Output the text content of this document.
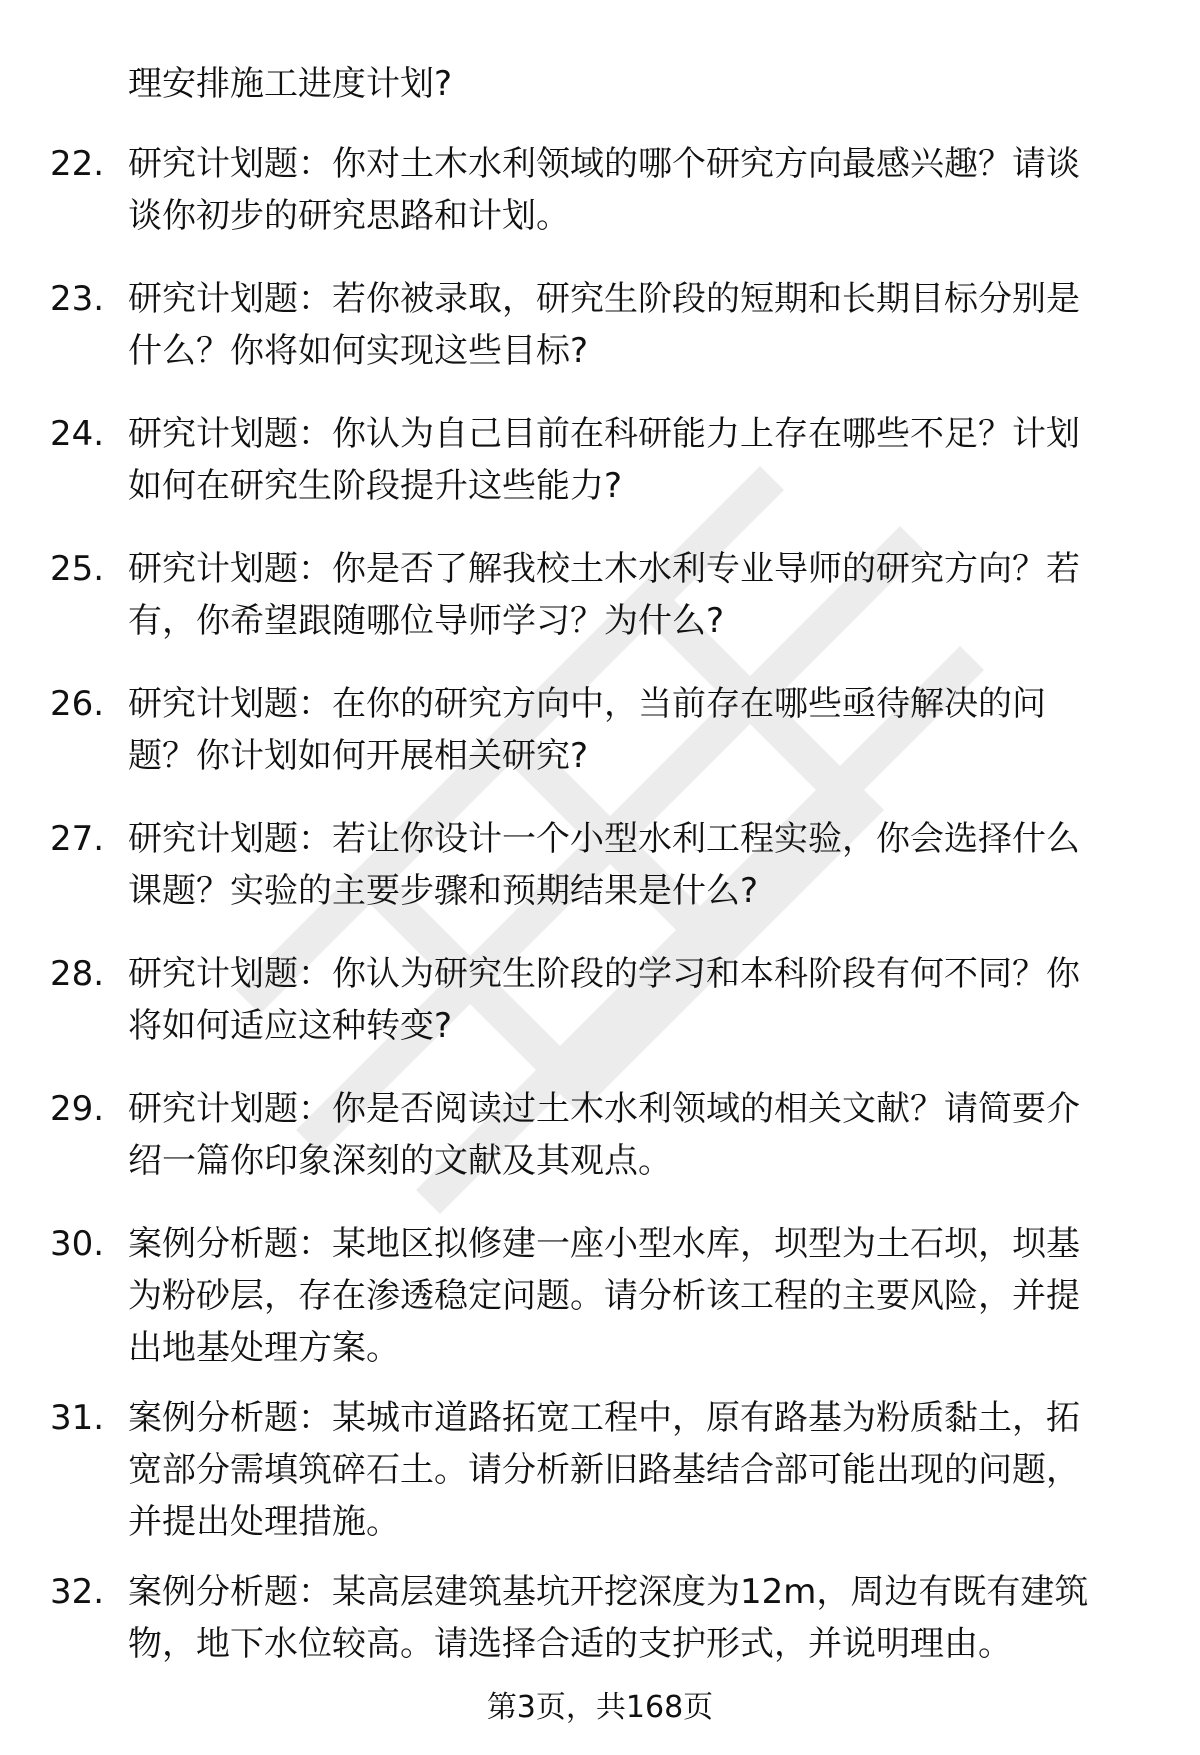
理安排施工进度计划?
22. 研究计划题：你对土木水利领域的哪个研究方向最感兴趣？请谈
谈你初步的研究思路和计划。
23. 研究计划题：若你被录取，研究生阶段的短期和长期目标分别是
什么？你将如何实现这些目标?
24. 研究计划题：你认为自己目前在科研能力上存在哪些不足？计划
如何在研究生阶段提升这些能力?
25. 研究计划题：你是否了解我校土木水利专业导师的研究方向？若
有，你希望跟随哪位导师学习？为什么?
26. 研究计划题：在你的研究方向中，当前存在哪些亟待解决的问
题？你计划如何开展相关研究?
27. 研究计划题：若让你设计一个小型水利工程实验，你会选择什么
课题？实验的主要步骤和预期结果是什么?
28. 研究计划题：你认为研究生阶段的学习和本科阶段有何不同？你
将如何适应这种转变?
29. 研究计划题：你是否阅读过土木水利领域的相关文献？请简要介
绍一篇你印象深刻的文献及其观点。
30. 案例分析题：某地区拟修建一座小型水库，坝型为土石坝，坝基
为粉砂层，存在渗透稳定问题。请分析该工程的主要风险，并提
出地基处理方案。
31. 案例分析题：某城市道路拓宽工程中，原有路基为粉质黏土，拓
宽部分需填筑碎石土。请分析新旧路基结合部可能出现的问题，
并提出处理措施。
32. 案例分析题：某高层建筑基坑开挖深度为12m，周边有既有建筑
物，地下水位较高。请选择合适的支护形式，并说明理由。
第3页，共168页
